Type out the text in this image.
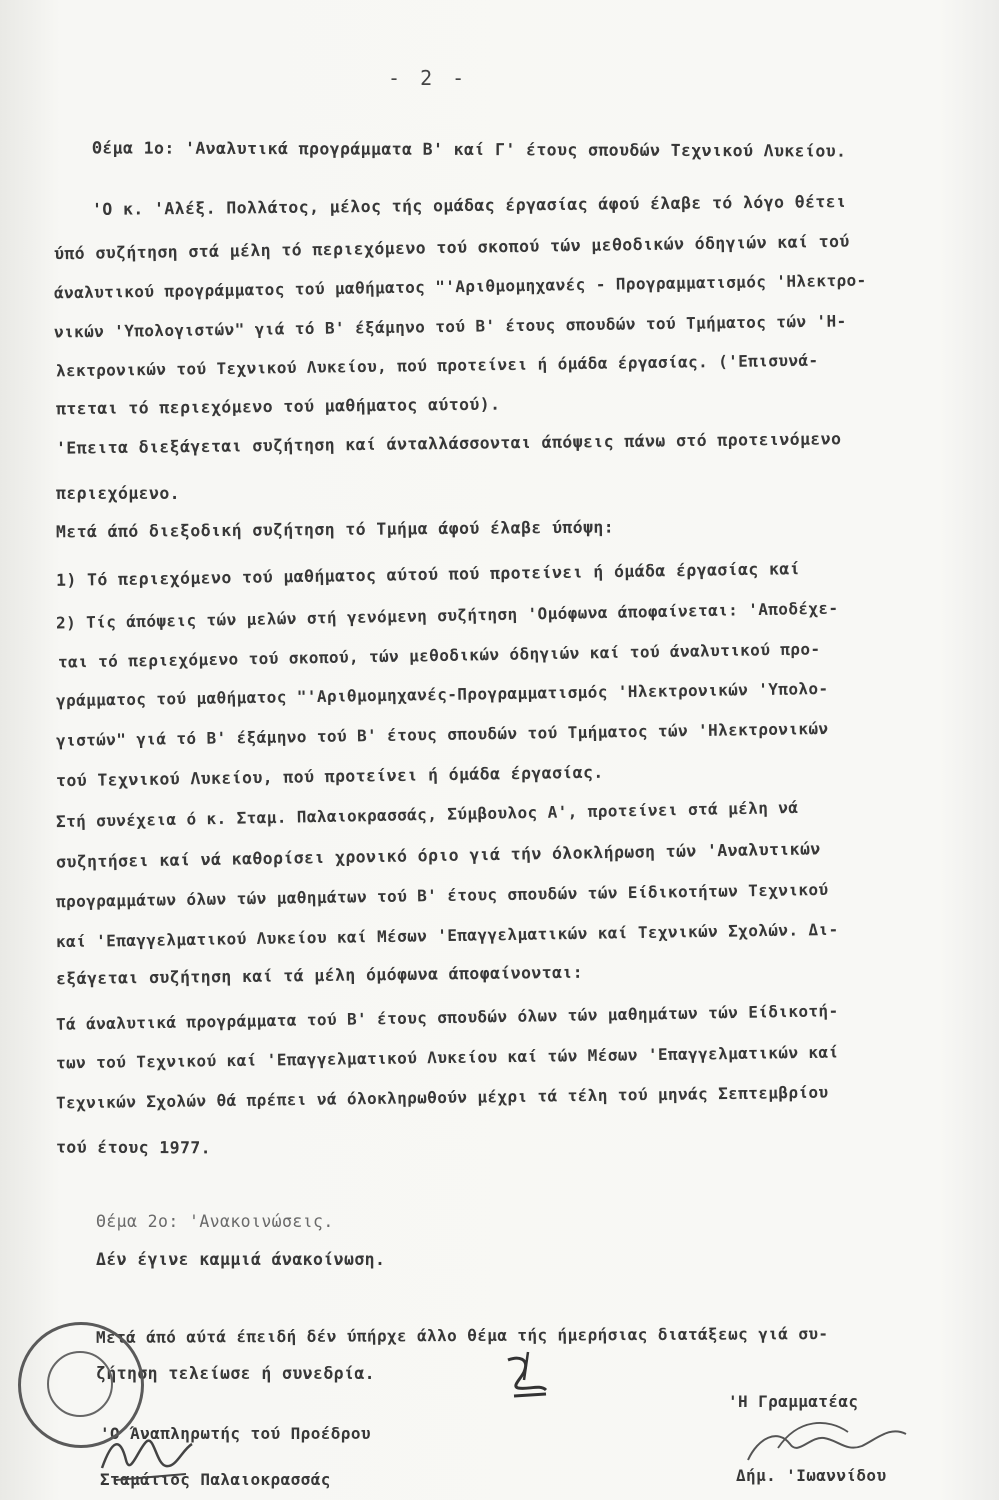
- 2 -
Θέμα 1ο: 'Αναλυτικά προγράμματα Β' καί Γ' έτους σπουδών Τεχνικού Λυκείου.
'Ο κ. 'Αλέξ. Πολλάτος, μέλος τής ομάδας έργασίας άφού έλαβε τό λόγο θέτει
ύπό συζήτηση στά μέλη τό περιεχόμενο τού σκοπού τών μεθοδικών όδηγιών καί τού
άναλυτικού προγράμματος τού μαθήματος "'Αριθμομηχανές - Προγραμματισμός 'Ηλεκτρο-
νικών 'Υπολογιστών" γιά τό Β' έξάμηνο τού Β' έτους σπουδών τού Τμήματος τών 'Η-
λεκτρονικών τού Τεχνικού Λυκείου, πού προτείνει ή όμάδα έργασίας. ('Επισυνά-
πτεται τό περιεχόμενο τού μαθήματος αύτού).
'Επειτα διεξάγεται συζήτηση καί άνταλλάσσονται άπόψεις πάνω στό προτεινόμενο
περιεχόμενο.
Μετά άπό διεξοδική συζήτηση τό Τμήμα άφού έλαβε ύπόψη:
1) Τό περιεχόμενο τού μαθήματος αύτού πού προτείνει ή όμάδα έργασίας καί
2) Τίς άπόψεις τών μελών στή γενόμενη συζήτηση 'Ομόφωνα άποφαίνεται: 'Αποδέχε-
ται τό περιεχόμενο τού σκοπού, τών μεθοδικών όδηγιών καί τού άναλυτικού προ-
γράμματος τού μαθήματος "'Αριθμομηχανές-Προγραμματισμός 'Ηλεκτρονικών 'Υπολο-
γιστών" γιά τό Β' έξάμηνο τού Β' έτους σπουδών τού Τμήματος τών 'Ηλεκτρονικών
τού Τεχνικού Λυκείου, πού προτείνει ή όμάδα έργασίας.
Στή συνέχεια ό κ. Σταμ. Παλαιοκρασσάς, Σύμβουλος Α', προτείνει στά μέλη νά
συζητήσει καί νά καθορίσει χρονικό όριο γιά τήν όλοκλήρωση τών 'Αναλυτικών
προγραμμάτων όλων τών μαθημάτων τού Β' έτους σπουδών τών Είδικοτήτων Τεχνικού
καί 'Επαγγελματικού Λυκείου καί Μέσων 'Επαγγελματικών καί Τεχνικών Σχολών. Δι-
εξάγεται συζήτηση καί τά μέλη όμόφωνα άποφαίνονται:
Τά άναλυτικά προγράμματα τού Β' έτους σπουδών όλων τών μαθημάτων τών Είδικοτή-
των τού Τεχνικού καί 'Επαγγελματικού Λυκείου καί τών Μέσων 'Επαγγελματικών καί
Τεχνικών Σχολών θά πρέπει νά όλοκληρωθούν μέχρι τά τέλη τού μηνάς Σεπτεμβρίου
τού έτους 1977.
Θέμα 2ο: 'Ανακοινώσεις.
Δέν έγινε καμμιά άνακοίνωση.
Μετά άπό αύτά έπειδή δέν ύπήρχε άλλο θέμα τής ήμερήσιας διατάξεως γιά συ-
ζήτηση τελείωσε ή συνεδρία.
'Ο Άναπληρωτής τού Προέδρου
Σταμάτιος Παλαιοκρασσάς
'Η Γραμματέας
Δήμ. 'Ιωαννίδου
